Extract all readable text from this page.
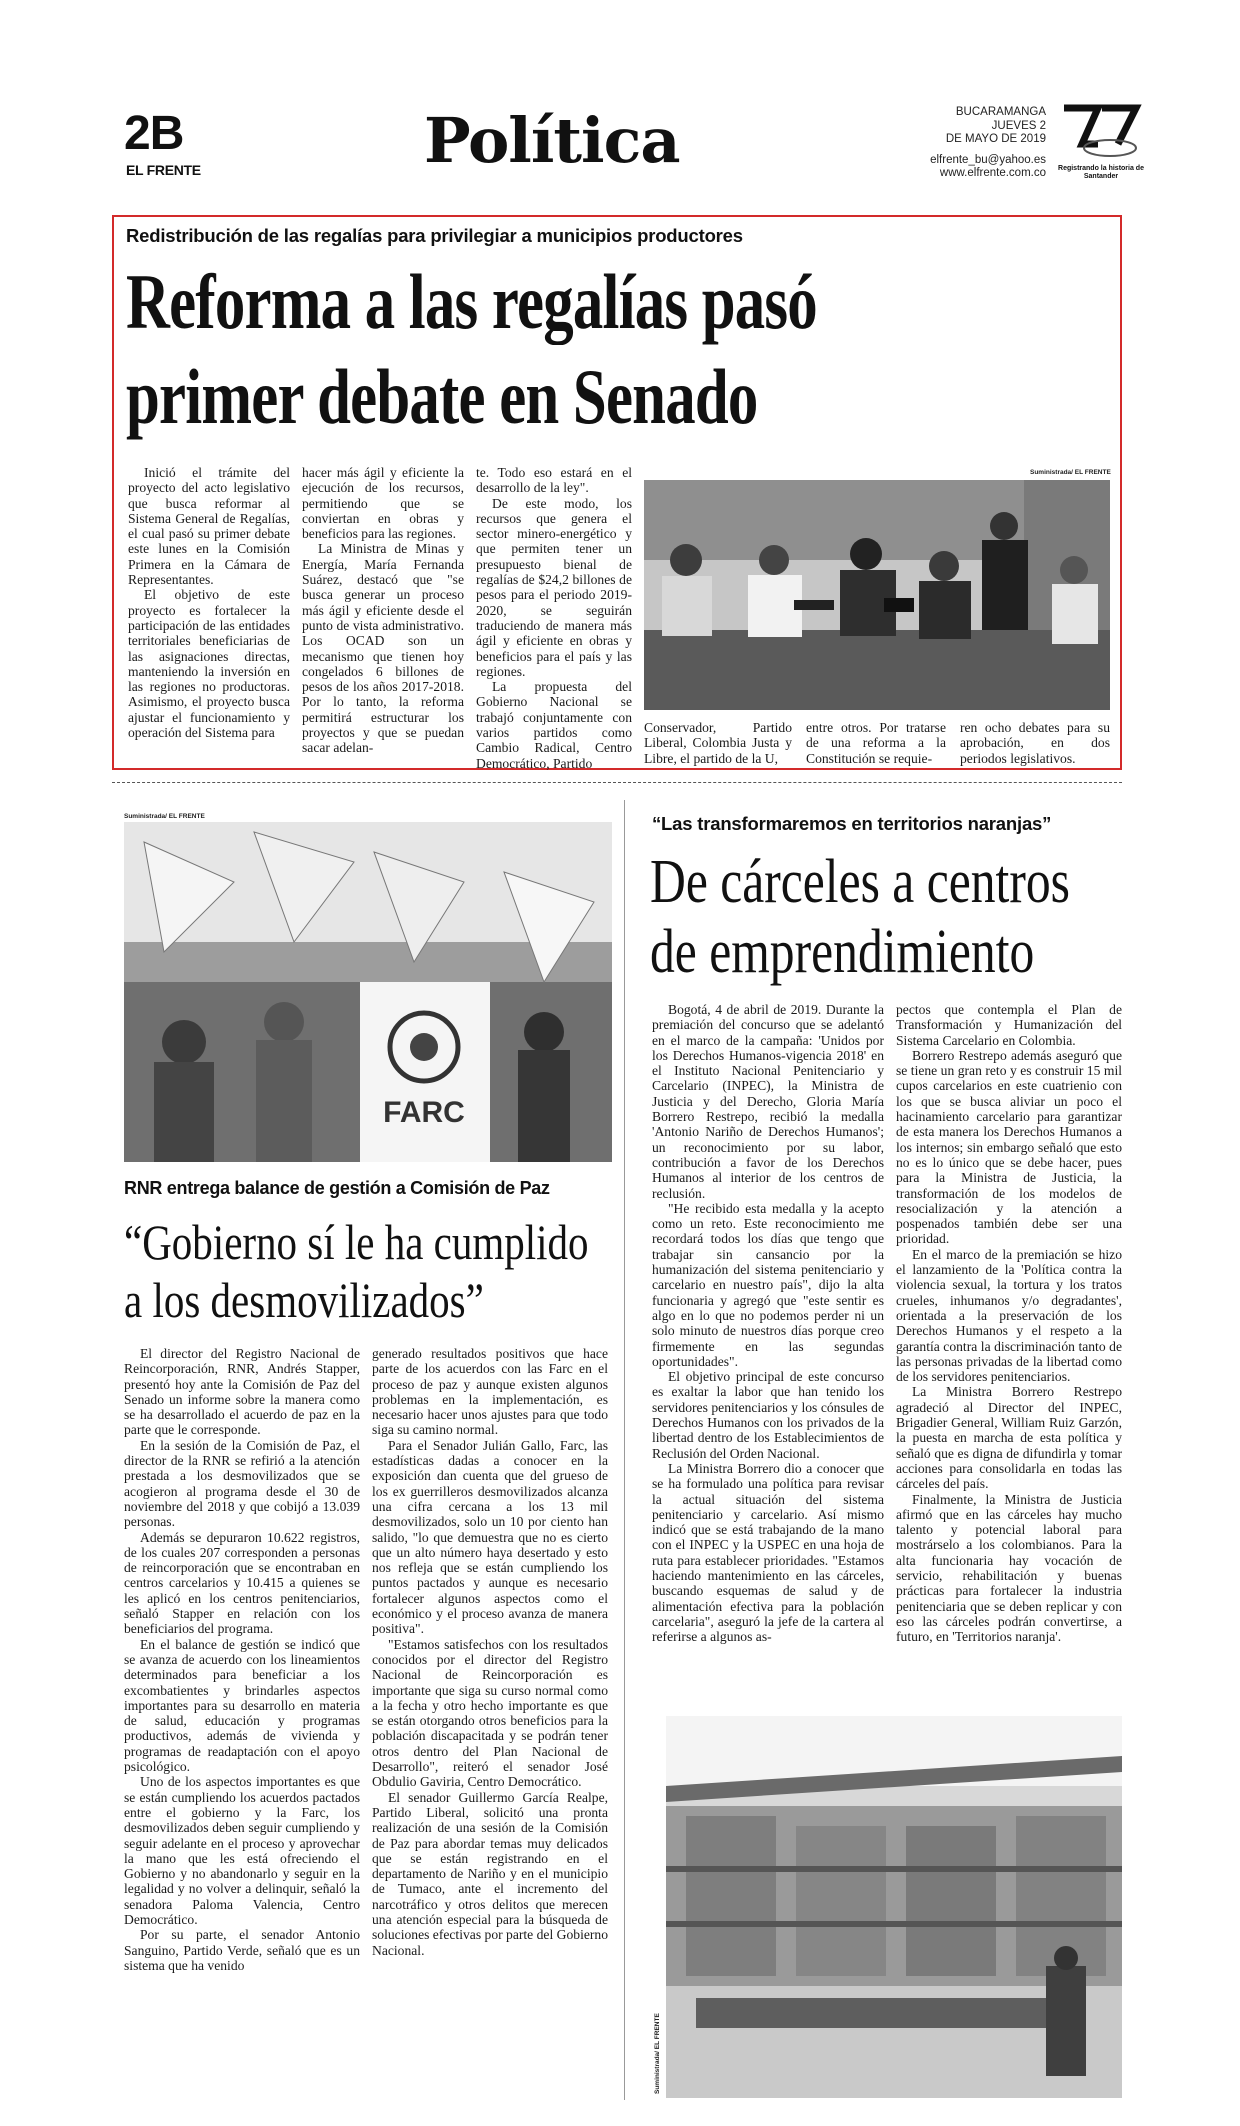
2B
EL FRENTE	Política	BUCARAMANGA
JUEVES 2
DE MAYO DE 2019
elfrente_bu@yahoo.es
www.elfrente.com.co Registrando la historia de Santander
Redistribución de las regalías para privilegiar a municipios productores
Reforma a las regalías pasó
primer debate en Senado

Inició el trámite del proyecto del acto legislativo que busca reformar al Sistema General de Regalías, el cual pasó su primer debate este lunes en la Comisión Primera en la Cámara de Representantes.

El objetivo de este proyecto es fortalecer la participación de las entidades territoriales beneficiarias de las asignaciones directas, manteniendo la inversión en las regiones no productoras. Asimismo, el proyecto busca ajustar el funcionamiento y operación del Sistema para

hacer más ágil y eficiente la ejecución de los recursos, permitiendo que se conviertan en obras y beneficios para las regiones.

La Ministra de Minas y Energía, María Fernanda Suárez, destacó que "se busca generar un proceso más ágil y eficiente desde el punto de vista administrativo. Los OCAD son un mecanismo que tienen hoy congelados 6 billones de pesos de los años 2017-2018. Por lo tanto, la reforma permitirá estructurar los proyectos y que se puedan sacar adelan-

te. Todo eso estará en el desarrollo de la ley".

De este modo, los recursos que genera el sector minero-energético y que permiten tener un presupuesto bienal de regalías de $24,2 billones de pesos para el periodo 2019-2020, se seguirán traduciendo de manera más ágil y eficiente en obras y beneficios para el país y las regiones.

La propuesta del Gobierno Nacional se trabajó conjuntamente con varios partidos como Cambio Radical, Centro Democrático, Partido

Suministrada/ EL FRENTE

Conservador, Partido Liberal, Colombia Justa y Libre, el partido de la U,

entre otros. Por tratarse de una reforma a la Constitución se requie-

ren ocho debates para su aprobación, en dos periodos legislativos.

Suministrada/ EL FRENTE
FARC
RNR entrega balance de gestión a Comisión de Paz
“Gobierno sí le ha cumplido
a los desmovilizados”

El director del Registro Nacional de Reincorporación, RNR, Andrés Stapper, presentó hoy ante la Comisión de Paz del Senado un informe sobre la manera como se ha desarrollado el acuerdo de paz en la parte que le corresponde.

En la sesión de la Comisión de Paz, el director de la RNR se refirió a la atención prestada a los desmovilizados que se acogieron al programa desde el 30 de noviembre del 2018 y que cobijó a 13.039 personas.

Además se depuraron 10.622 registros, de los cuales 207 corresponden a personas de reincorporación que se encontraban en centros carcelarios y 10.415 a quienes se les aplicó en los centros penitenciarios, señaló Stapper en relación con los beneficiarios del programa.

En el balance de gestión se indicó que se avanza de acuerdo con los lineamientos determinados para beneficiar a los excombatientes y brindarles aspectos importantes para su desarrollo en materia de salud, educación y programas productivos, además de vivienda y programas de readaptación con el apoyo psicológico.

Uno de los aspectos importantes es que se están cumpliendo los acuerdos pactados entre el gobierno y la Farc, los desmovilizados deben seguir cumpliendo y seguir adelante en el proceso y aprovechar la mano que les está ofreciendo el Gobierno y no abandonarlo y seguir en la legalidad y no volver a delinquir, señaló la senadora Paloma Valencia, Centro Democrático.

Por su parte, el senador Antonio Sanguino, Partido Verde, señaló que es un sistema que ha venido

generado resultados positivos que hace parte de los acuerdos con las Farc en el proceso de paz y aunque existen algunos problemas en la implementación, es necesario hacer unos ajustes para que todo siga su camino normal.

Para el Senador Julián Gallo, Farc, las estadísticas dadas a conocer en la exposición dan cuenta que del grueso de los ex guerrilleros desmovilizados alcanza una cifra cercana a los 13 mil desmovilizados, solo un 10 por ciento han salido, "lo que demuestra que no es cierto que un alto número haya desertado y esto nos refleja que se están cumpliendo los puntos pactados y aunque es necesario fortalecer algunos aspectos como el económico y el proceso avanza de manera positiva".

"Estamos satisfechos con los resultados conocidos por el director del Registro Nacional de Reincorporación es importante que siga su curso normal como a la fecha y otro hecho importante es que se están otorgando otros beneficios para la población discapacitada y se podrán tener otros dentro del Plan Nacional de Desarrollo", reiteró el senador José Obdulio Gaviria, Centro Democrático.

El senador Guillermo García Realpe, Partido Liberal, solicitó una pronta realización de una sesión de la Comisión de Paz para abordar temas muy delicados que se están registrando en el departamento de Nariño y en el municipio de Tumaco, ante el incremento del narcotráfico y otros delitos que merecen una atención especial para la búsqueda de soluciones efectivas por parte del Gobierno Nacional.

“Las transformaremos en territorios naranjas”
De cárceles a centros
de emprendimiento

Bogotá, 4 de abril de 2019. Durante la premiación del concurso que se adelantó en el marco de la campaña: 'Unidos por los Derechos Humanos-vigencia 2018' en el Instituto Nacional Penitenciario y Carcelario (INPEC), la Ministra de Justicia y del Derecho, Gloria María Borrero Restrepo, recibió la medalla 'Antonio Nariño de Derechos Humanos'; un reconocimiento por su labor, contribución a favor de los Derechos Humanos al interior de los centros de reclusión.

"He recibido esta medalla y la acepto como un reto. Este reconocimiento me recordará todos los días que tengo que trabajar sin cansancio por la humanización del sistema penitenciario y carcelario en nuestro país", dijo la alta funcionaria y agregó que "este sentir es algo en lo que no podemos perder ni un solo minuto de nuestros días porque creo firmemente en las segundas oportunidades".

El objetivo principal de este concurso es exaltar la labor que han tenido los servidores penitenciarios y los cónsules de Derechos Humanos con los privados de la libertad dentro de los Establecimientos de Reclusión del Orden Nacional.

La Ministra Borrero dio a conocer que se ha formulado una política para revisar la actual situación del sistema penitenciario y carcelario. Así mismo indicó que se está trabajando de la mano con el INPEC y la USPEC en una hoja de ruta para establecer prioridades. "Estamos haciendo mantenimiento en las cárceles, buscando esquemas de salud y de alimentación efectiva para la población carcelaria", aseguró la jefe de la cartera al referirse a algunos as-

pectos que contempla el Plan de Transformación y Humanización del Sistema Carcelario en Colombia.

Borrero Restrepo además aseguró que se tiene un gran reto y es construir 15 mil cupos carcelarios en este cuatrienio con los que se busca aliviar un poco el hacinamiento carcelario para garantizar de esta manera los Derechos Humanos a los internos; sin embargo señaló que esto no es lo único que se debe hacer, pues para la Ministra de Justicia, la transformación de los modelos de resocialización y la atención a pospenados también debe ser una prioridad.

En el marco de la premiación se hizo el lanzamiento de la 'Política contra la violencia sexual, la tortura y los tratos crueles, inhumanos y/o degradantes', orientada a la preservación de los Derechos Humanos y el respeto a la garantía contra la discriminación tanto de las personas privadas de la libertad como de los servidores penitenciarios.

La Ministra Borrero Restrepo agradeció al Director del INPEC, Brigadier General, William Ruiz Garzón, la puesta en marcha de esta política y señaló que es digna de difundirla y tomar acciones para consolidarla en todas las cárceles del país.

Finalmente, la Ministra de Justicia afirmó que en las cárceles hay mucho talento y potencial laboral para mostrárselo a los colombianos. Para la alta funcionaria hay vocación de servicio, rehabilitación y buenas prácticas para fortalecer la industria penitenciaria que se deben replicar y con eso las cárceles podrán convertirse, a futuro, en 'Territorios naranja'.

Suministrada/ EL FRENTE
